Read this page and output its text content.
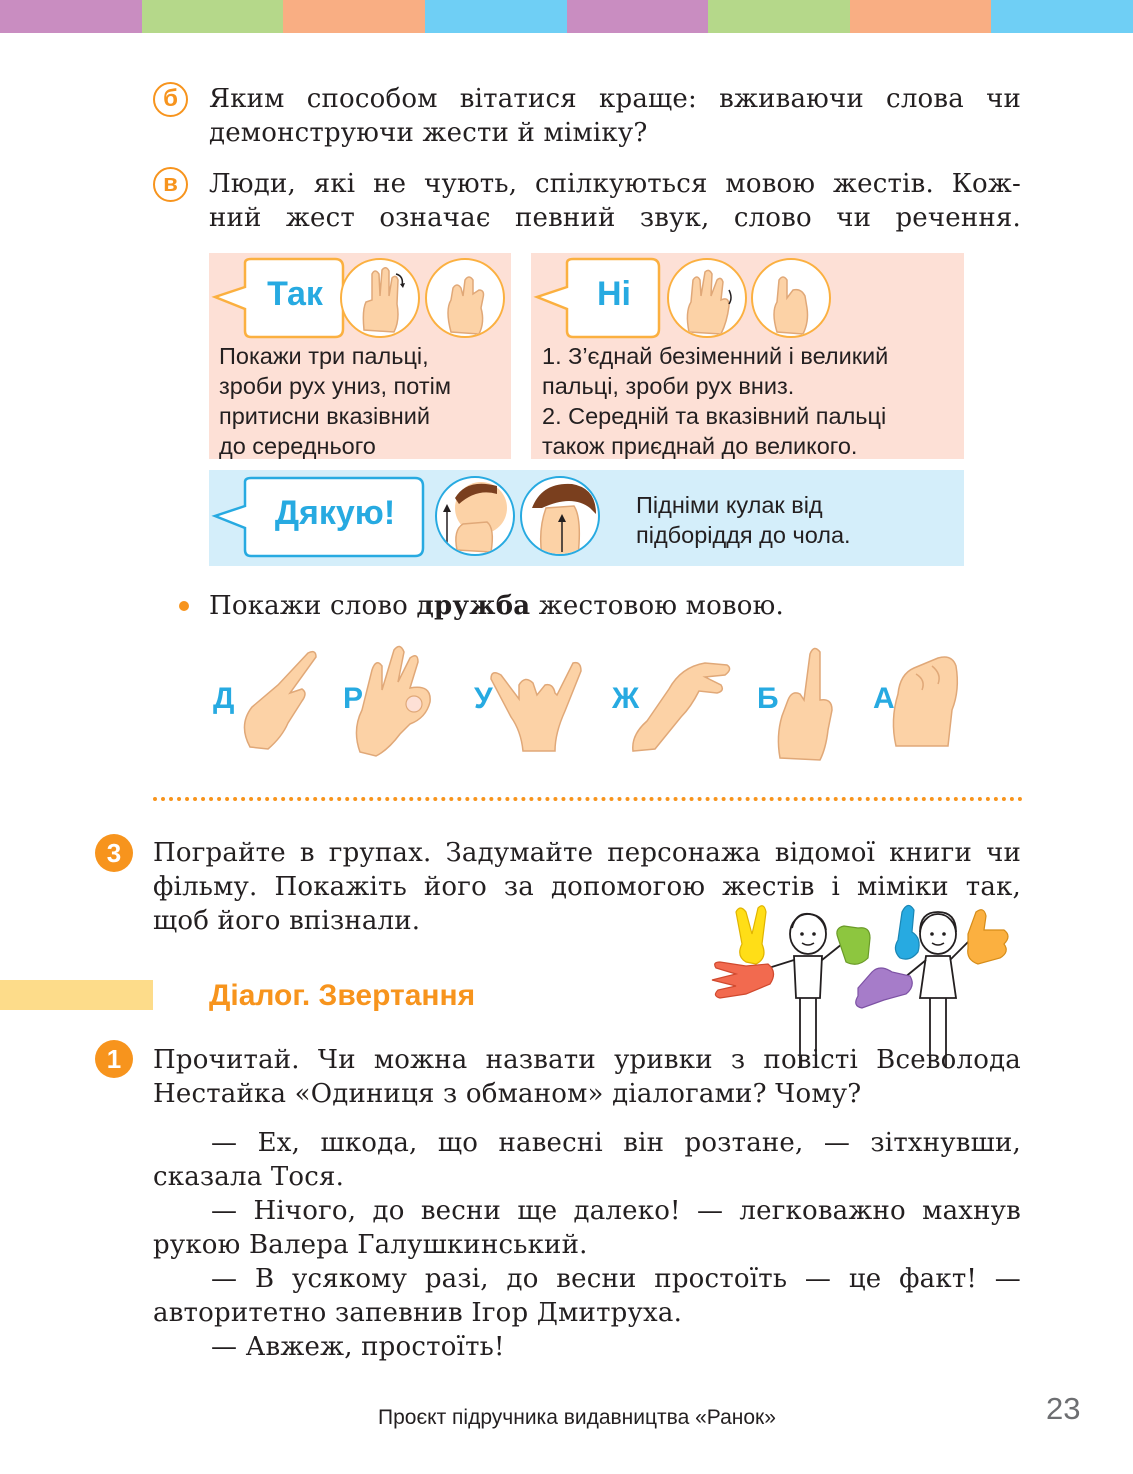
б	Яким способом вітатися краще: вживаючи слова чи
демонструючи жести й міміку?
в	Люди, які не чують, спілкуються мовою жестів. Кож-
ний жест означає певний звук, слово чи речення.
Так
Покажи три пальці,
зроби рух униз, потім
притисни вказівний
до середнього
Ні
1. З’єднай безіменний і великий
пальці, зроби рух вниз.
2. Середній та вказівний пальці
також приєднай до великого.
Дякую!	Підніми кулак від
підборіддя до чола.
Покажи слово дружба жестовою мовою.
Д	Р	У	Ж	Б	А
3	Пограйте в групах. Задумайте персонажа відомої книги чи
фільму. Покажіть його за допомогою жестів і міміки так,
щоб його впізнали.
Діалог. Звертання
1	Прочитай. Чи можна назвати уривки з повісті Всеволода
Нестайка «Одиниця з обманом» діалогами? Чому?
— Ех, шкода, що навесні він розтане, — зітхнувши,
сказала Тося.
— Нічого, до весни ще далеко! — легковажно махнув
рукою Валера Галушкинський.
— В усякому разі, до весни простоїть — це факт! —
авторитетно запевнив Ігор Дмитруха.
— Авжеж, простоїть!
Проєкт підручника видавництва «Ранок»	23
